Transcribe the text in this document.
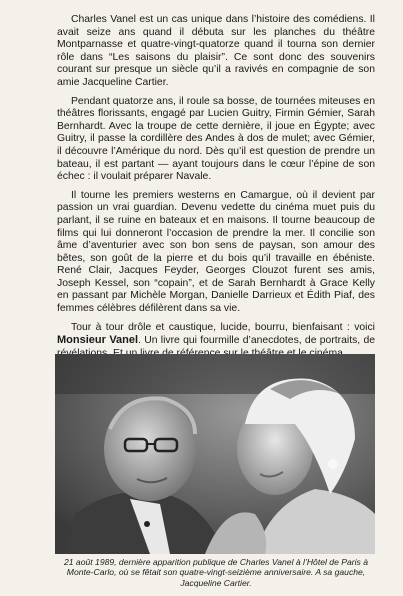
Charles Vanel est un cas unique dans l’histoire des comédiens. Il avait seize ans quand il débuta sur les planches du théâtre Montparnasse et quatre-vingt-quatorze quand il tourna son dernier rôle dans “Les saisons du plaisir”. Ce sont donc des souvenirs courant sur presque un siècle qu’il a ravivés en compagnie de son amie Jacqueline Cartier.

Pendant quatorze ans, il roule sa bosse, de tournées miteuses en théâtres florissants, engagé par Lucien Guitry, Firmin Gémier, Sarah Bernhardt. Avec la troupe de cette dernière, il joue en Égypte; avec Guitry, il passe la cordillère des Andes à dos de mulet; avec Gémier, il découvre l’Amérique du nord. Dès qu’il est question de prendre un bateau, il est partant — ayant toujours dans le cœur l’épine de son échec : il voulait préparer Navale.

Il tourne les premiers westerns en Camargue, où il devient par passion un vrai guardian. Devenu vedette du cinéma muet puis du parlant, il se ruine en bateaux et en maisons. Il tourne beaucoup de films qui lui donneront l’occasion de prendre la mer. Il concilie son âme d’aventurier avec son bon sens de paysan, son amour des bêtes, son goût de la pierre et du bois qu’il travaille en ébéniste. René Clair, Jacques Feyder, Georges Clouzot furent ses amis, Joseph Kessel, son “copain”, et de Sarah Bernhardt à Grace Kelly en passant par Michèle Morgan, Danielle Darrieux et Édith Piaf, des femmes célèbres défilèrent dans sa vie.

Tour à tour drôle et caustique, lucide, bourru, bienfaisant : voici Monsieur Vanel. Un livre qui fourmille d’anecdotes, de portraits, de

21 août 1989, dernière apparition publique de Charles Vanel à l’Hôtel de Paris à Monte-Carlo, où se fêtait son quatre-vingt-seizième anniversaire. A sa gauche, Jacqueline Cartier.
